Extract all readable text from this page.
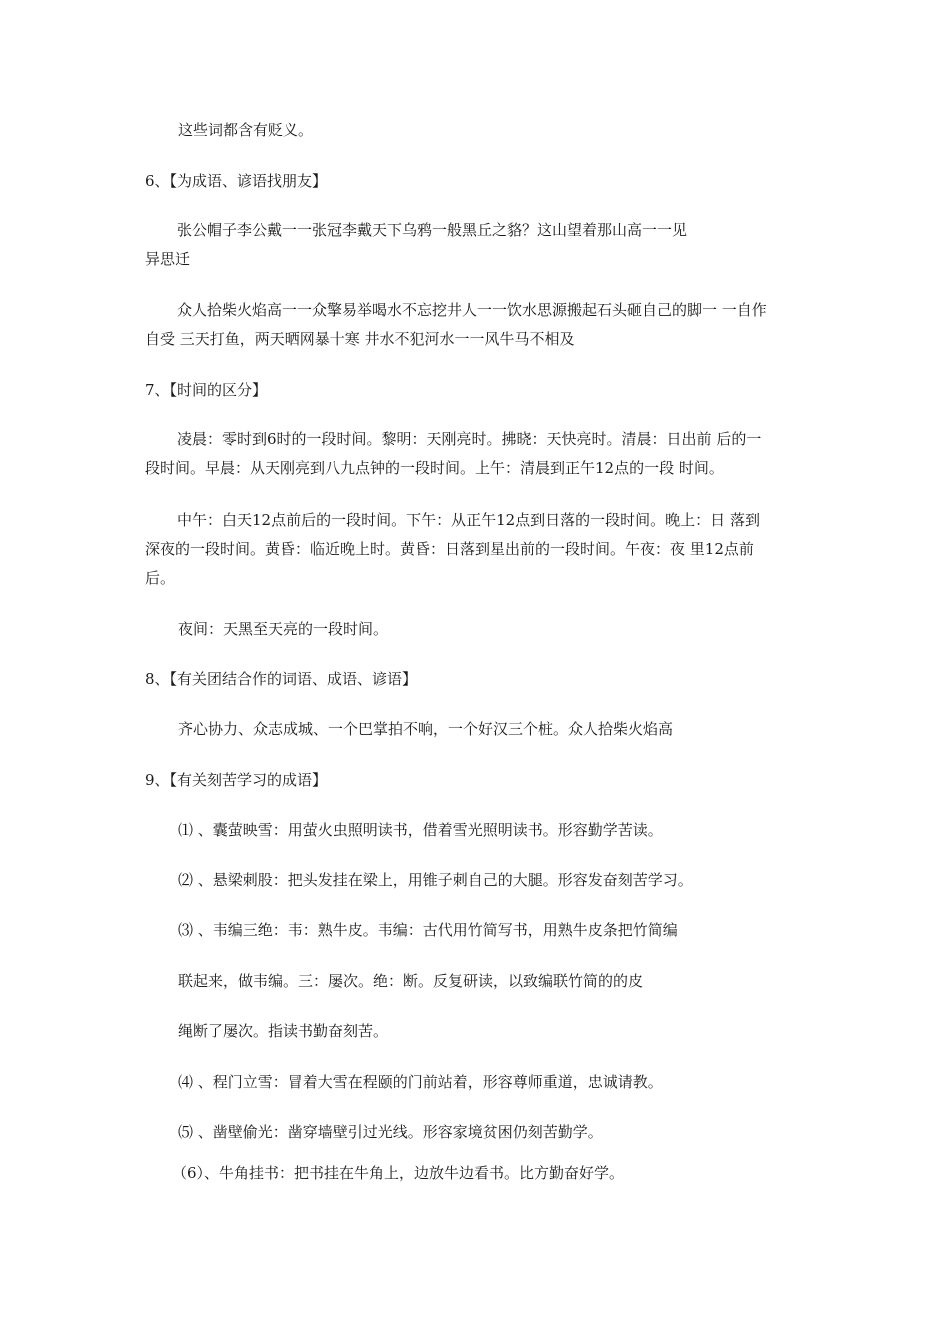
这些词都含有贬义。
6、【为成语、谚语找朋友】
张公帽子李公戴一一张冠李戴天下乌鸦一般黑丘之貉？这山望着那山高一一见
异思迁
众人拾柴火焰高一一众擎易举喝水不忘挖井人一一饮水思源搬起石头砸自己的脚一 一自作
自受 三天打鱼，两天晒网暴十寒 井水不犯河水一一风牛马不相及
7、【时间的区分】
凌晨：零时到6时的一段时间。黎明：天刚亮时。拂晓：天快亮时。清晨：日出前 后的一
段时间。早晨：从天刚亮到八九点钟的一段时间。上午：清晨到正午12点的一段 时间。
中午：白天12点前后的一段时间。下午：从正午12点到日落的一段时间。晚上：日 落到
深夜的一段时间。黄昏：临近晚上时。黄昏：日落到星出前的一段时间。午夜：夜 里12点前
后。
夜间：天黑至天亮的一段时间。
8、【有关团结合作的词语、成语、谚语】
齐心协力、众志成城、一个巴掌拍不响，一个好汉三个桩。众人拾柴火焰高
9、【有关刻苦学习的成语】
⑴ 、囊萤映雪：用萤火虫照明读书，借着雪光照明读书。形容勤学苦读。
⑵ 、悬梁刺股：把头发挂在梁上，用锥子刺自己的大腿。形容发奋刻苦学习。
⑶ 、韦编三绝：韦：熟牛皮。韦编：古代用竹简写书，用熟牛皮条把竹简编
联起来，做韦编。三：屡次。绝：断。反复研读，以致编联竹简的的皮
绳断了屡次。指读书勤奋刻苦。
⑷ 、程门立雪：冒着大雪在程颐的门前站着，形容尊师重道，忠诚请教。
⑸ 、凿壁偷光：凿穿墙壁引过光线。形容家境贫困仍刻苦勤学。
（6）、牛角挂书：把书挂在牛角上，边放牛边看书。比方勤奋好学。
